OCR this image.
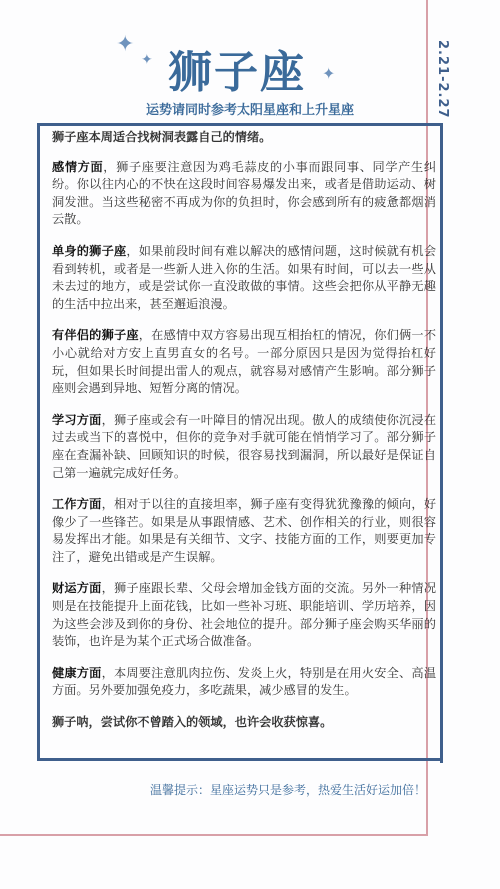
✦
✦
✦
狮子座

运势请同时参考太阳星座和上升星座	2.21-2.27

狮子座本周适合找树洞表露自己的情绪。

感情方面，狮子座要注意因为鸡毛蒜皮的小事而跟同事、同学产生纠纷。你以往内心的不快在这段时间容易爆发出来，或者是借助运动、树洞发泄。当这些秘密不再成为你的负担时，你会感到所有的疲惫都烟消云散。

单身的狮子座，如果前段时间有难以解决的感情问题，这时候就有机会看到转机，或者是一些新人进入你的生活。如果有时间，可以去一些从未去过的地方，或是尝试你一直没敢做的事情。这些会把你从平静无趣的生活中拉出来，甚至邂逅浪漫。

有伴侣的狮子座，在感情中双方容易出现互相抬杠的情况，你们俩一不小心就给对方安上直男直女的名号。一部分原因只是因为觉得抬杠好玩，但如果长时间提出雷人的观点，就容易对感情产生影响。部分狮子座则会遇到异地、短暂分离的情况。

学习方面，狮子座或会有一叶障目的情况出现。傲人的成绩使你沉浸在过去或当下的喜悦中，但你的竞争对手就可能在悄悄学习了。部分狮子座在查漏补缺、回顾知识的时候，很容易找到漏洞，所以最好是保证自己第一遍就完成好任务。

工作方面，相对于以往的直接坦率，狮子座有变得犹犹豫豫的倾向，好像少了一些锋芒。如果是从事跟情感、艺术、创作相关的行业，则很容易发挥出才能。如果是有关细节、文字、技能方面的工作，则要更加专注了，避免出错或是产生误解。

财运方面，狮子座跟长辈、父母会增加金钱方面的交流。另外一种情况则是在技能提升上面花钱，比如一些补习班、职能培训、学历培养，因为这些会涉及到你的身份、社会地位的提升。部分狮子座会购买华丽的装饰，也许是为某个正式场合做准备。

健康方面，本周要注意肌肉拉伤、发炎上火，特别是在用火安全、高温方面。另外要加强免疫力，多吃蔬果，减少感冒的发生。

狮子呐，尝试你不曾踏入的领域，也许会收获惊喜。

温馨提示：星座运势只是参考，热爱生活好运加倍！
